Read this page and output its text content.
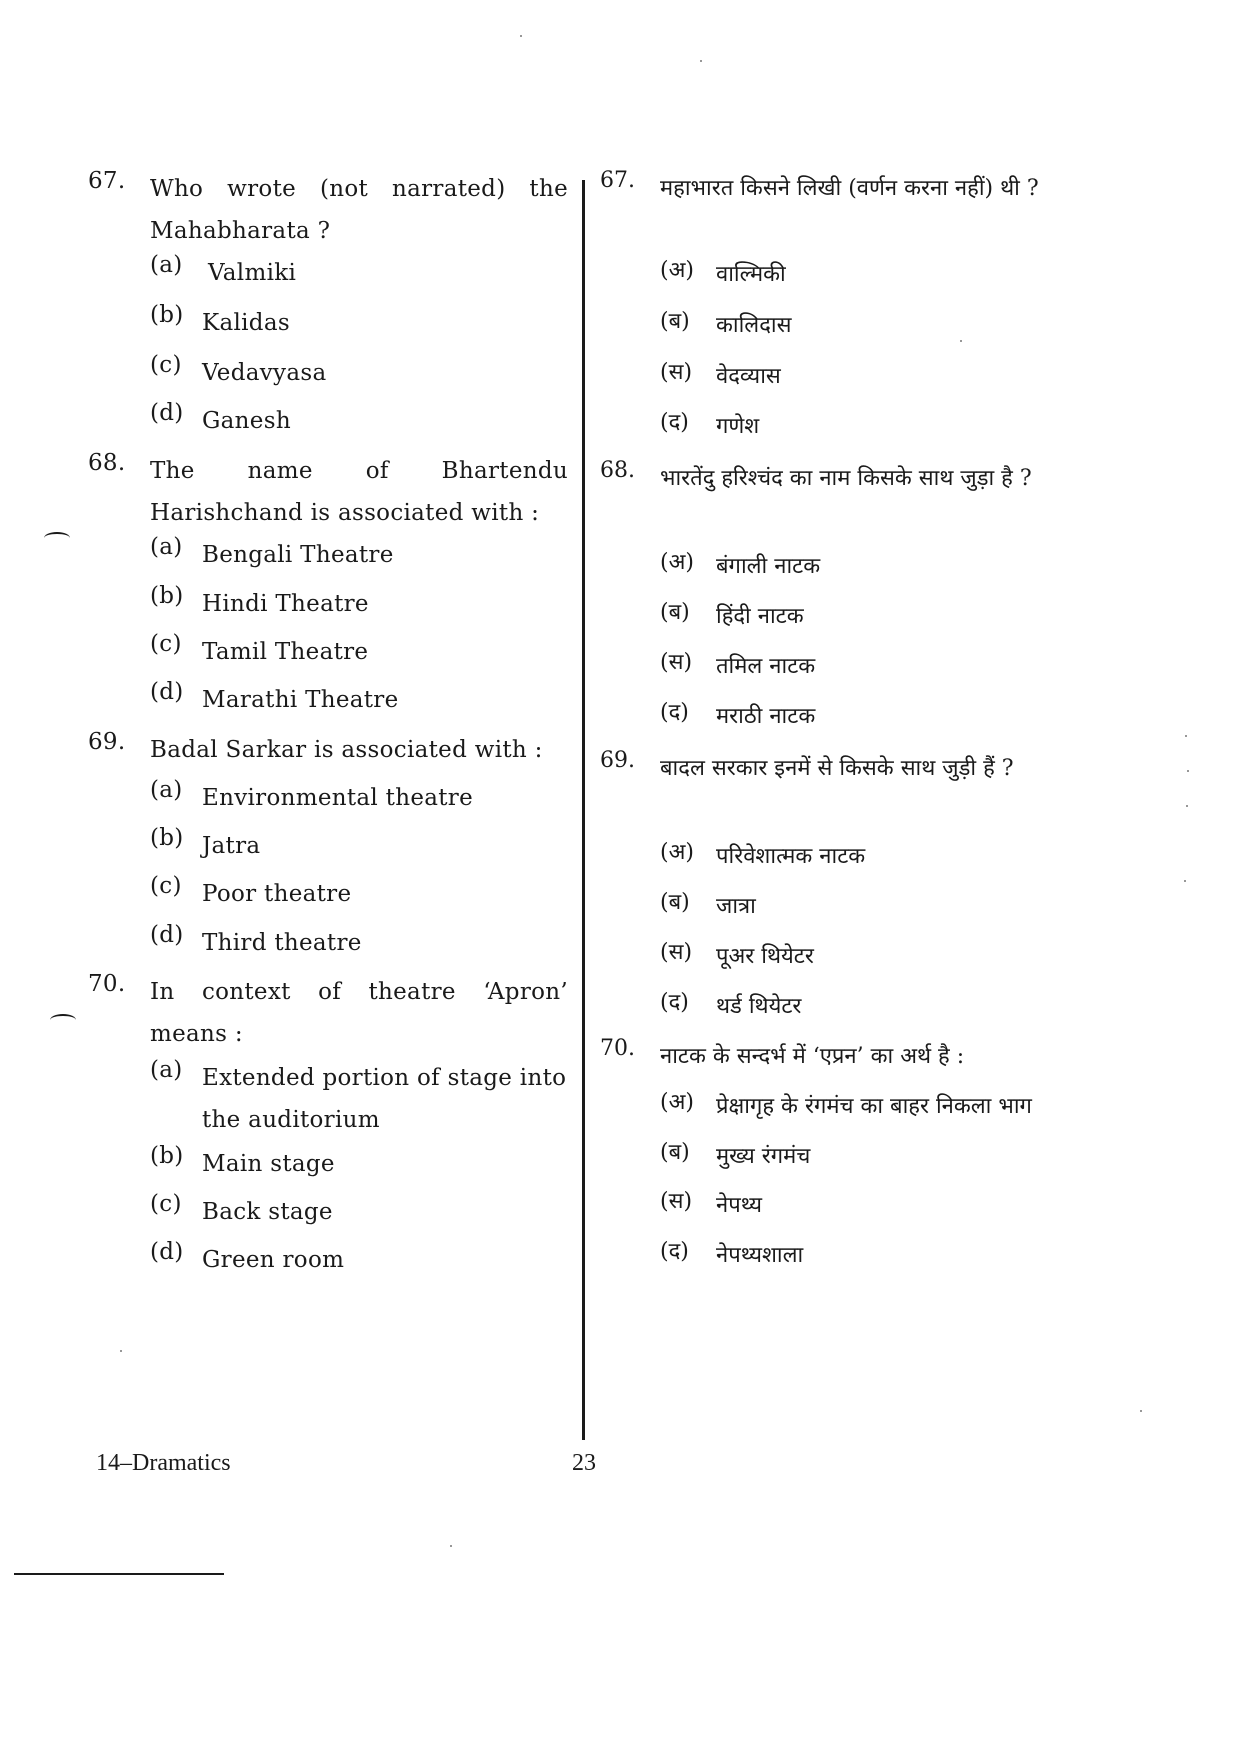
67. Who wrote (not narrated) the Mahabharata ?
(a) Valmiki
(b) Kalidas
(c) Vedavyasa
(d) Ganesh
68. The name of Bhartendu Harishchand is associated with :
(a) Bengali Theatre
(b) Hindi Theatre
(c) Tamil Theatre
(d) Marathi Theatre
69. Badal Sarkar is associated with :
(a) Environmental theatre
(b) Jatra
(c) Poor theatre
(d) Third theatre
70. In context of theatre ‘Apron’ means :
(a) Extended portion of stage into the auditorium
(b) Main stage
(c) Back stage
(d) Green room
67. महाभारत किसने लिखी (वर्णन करना नहीं) थी ?
(अ) वाल्मिकी
(ब) कालिदास
(स) वेदव्यास
(द) गणेश
68. भारतेंदु हरिश्चंद का नाम किसके साथ जुड़ा है ?
(अ) बंगाली नाटक
(ब) हिंदी नाटक
(स) तमिल नाटक
(द) मराठी नाटक
69. बादल सरकार इनमें से किसके साथ जुड़ी हैं ?
(अ) परिवेशात्मक नाटक
(ब) जात्रा
(स) पूअर थियेटर
(द) थर्ड थियेटर
70. नाटक के सन्दर्भ में ‘एप्रन’ का अर्थ है :
(अ) प्रेक्षागृह के रंगमंच का बाहर निकला भाग
(ब) मुख्य रंगमंच
(स) नेपथ्य
(द) नेपथ्यशाला
14–Dramatics	23
